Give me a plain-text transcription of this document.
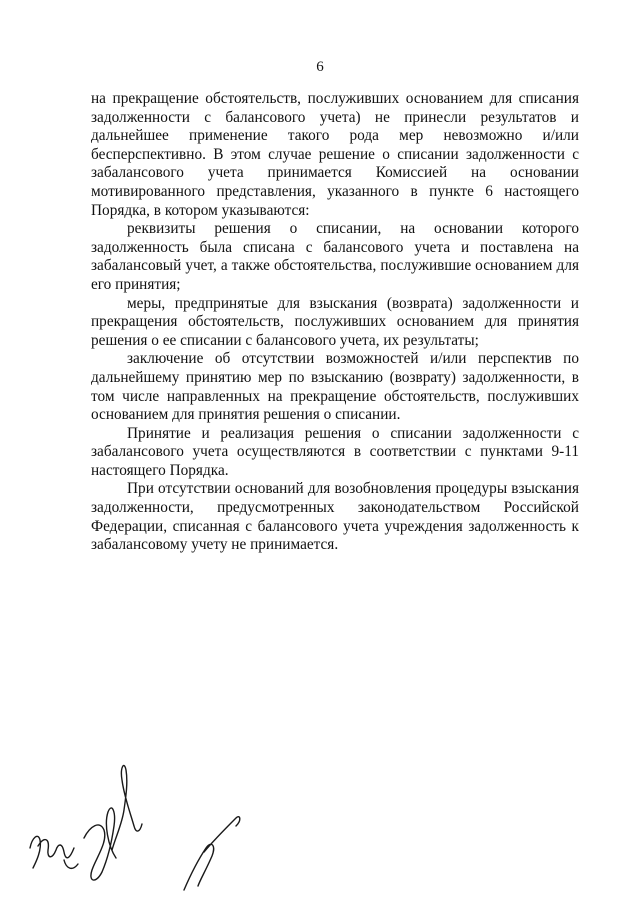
6

на прекращение обстоятельств, послуживших основанием для списания задолженности с балансового учета) не принесли результатов и дальнейшее применение такого рода мер невозможно и/или бесперспективно. В этом случае решение о списании задолженности с забалансового учета принимается Комиссией на основании мотивированного представления, указанного в пункте 6 настоящего Порядка, в котором указываются:

реквизиты решения о списании, на основании которого задолженность была списана с балансового учета и поставлена на забалансовый учет, а также обстоятельства, послужившие основанием для его принятия;

меры, предпринятые для взыскания (возврата) задолженности и прекращения обстоятельств, послуживших основанием для принятия решения о ее списании с балансового учета, их результаты;

заключение об отсутствии возможностей и/или перспектив по дальнейшему принятию мер по взысканию (возврату) задолженности, в том числе направленных на прекращение обстоятельств, послуживших основанием для принятия решения о списании.

Принятие и реализация решения о списании задолженности с забалансового учета осуществляются в соответствии с пунктами 9-11 настоящего Порядка.

При отсутствии оснований для возобновления процедуры взыскания задолженности, предусмотренных законодательством Российской Федерации, списанная с балансового учета учреждения задолженность к забалансовому учету не принимается.
